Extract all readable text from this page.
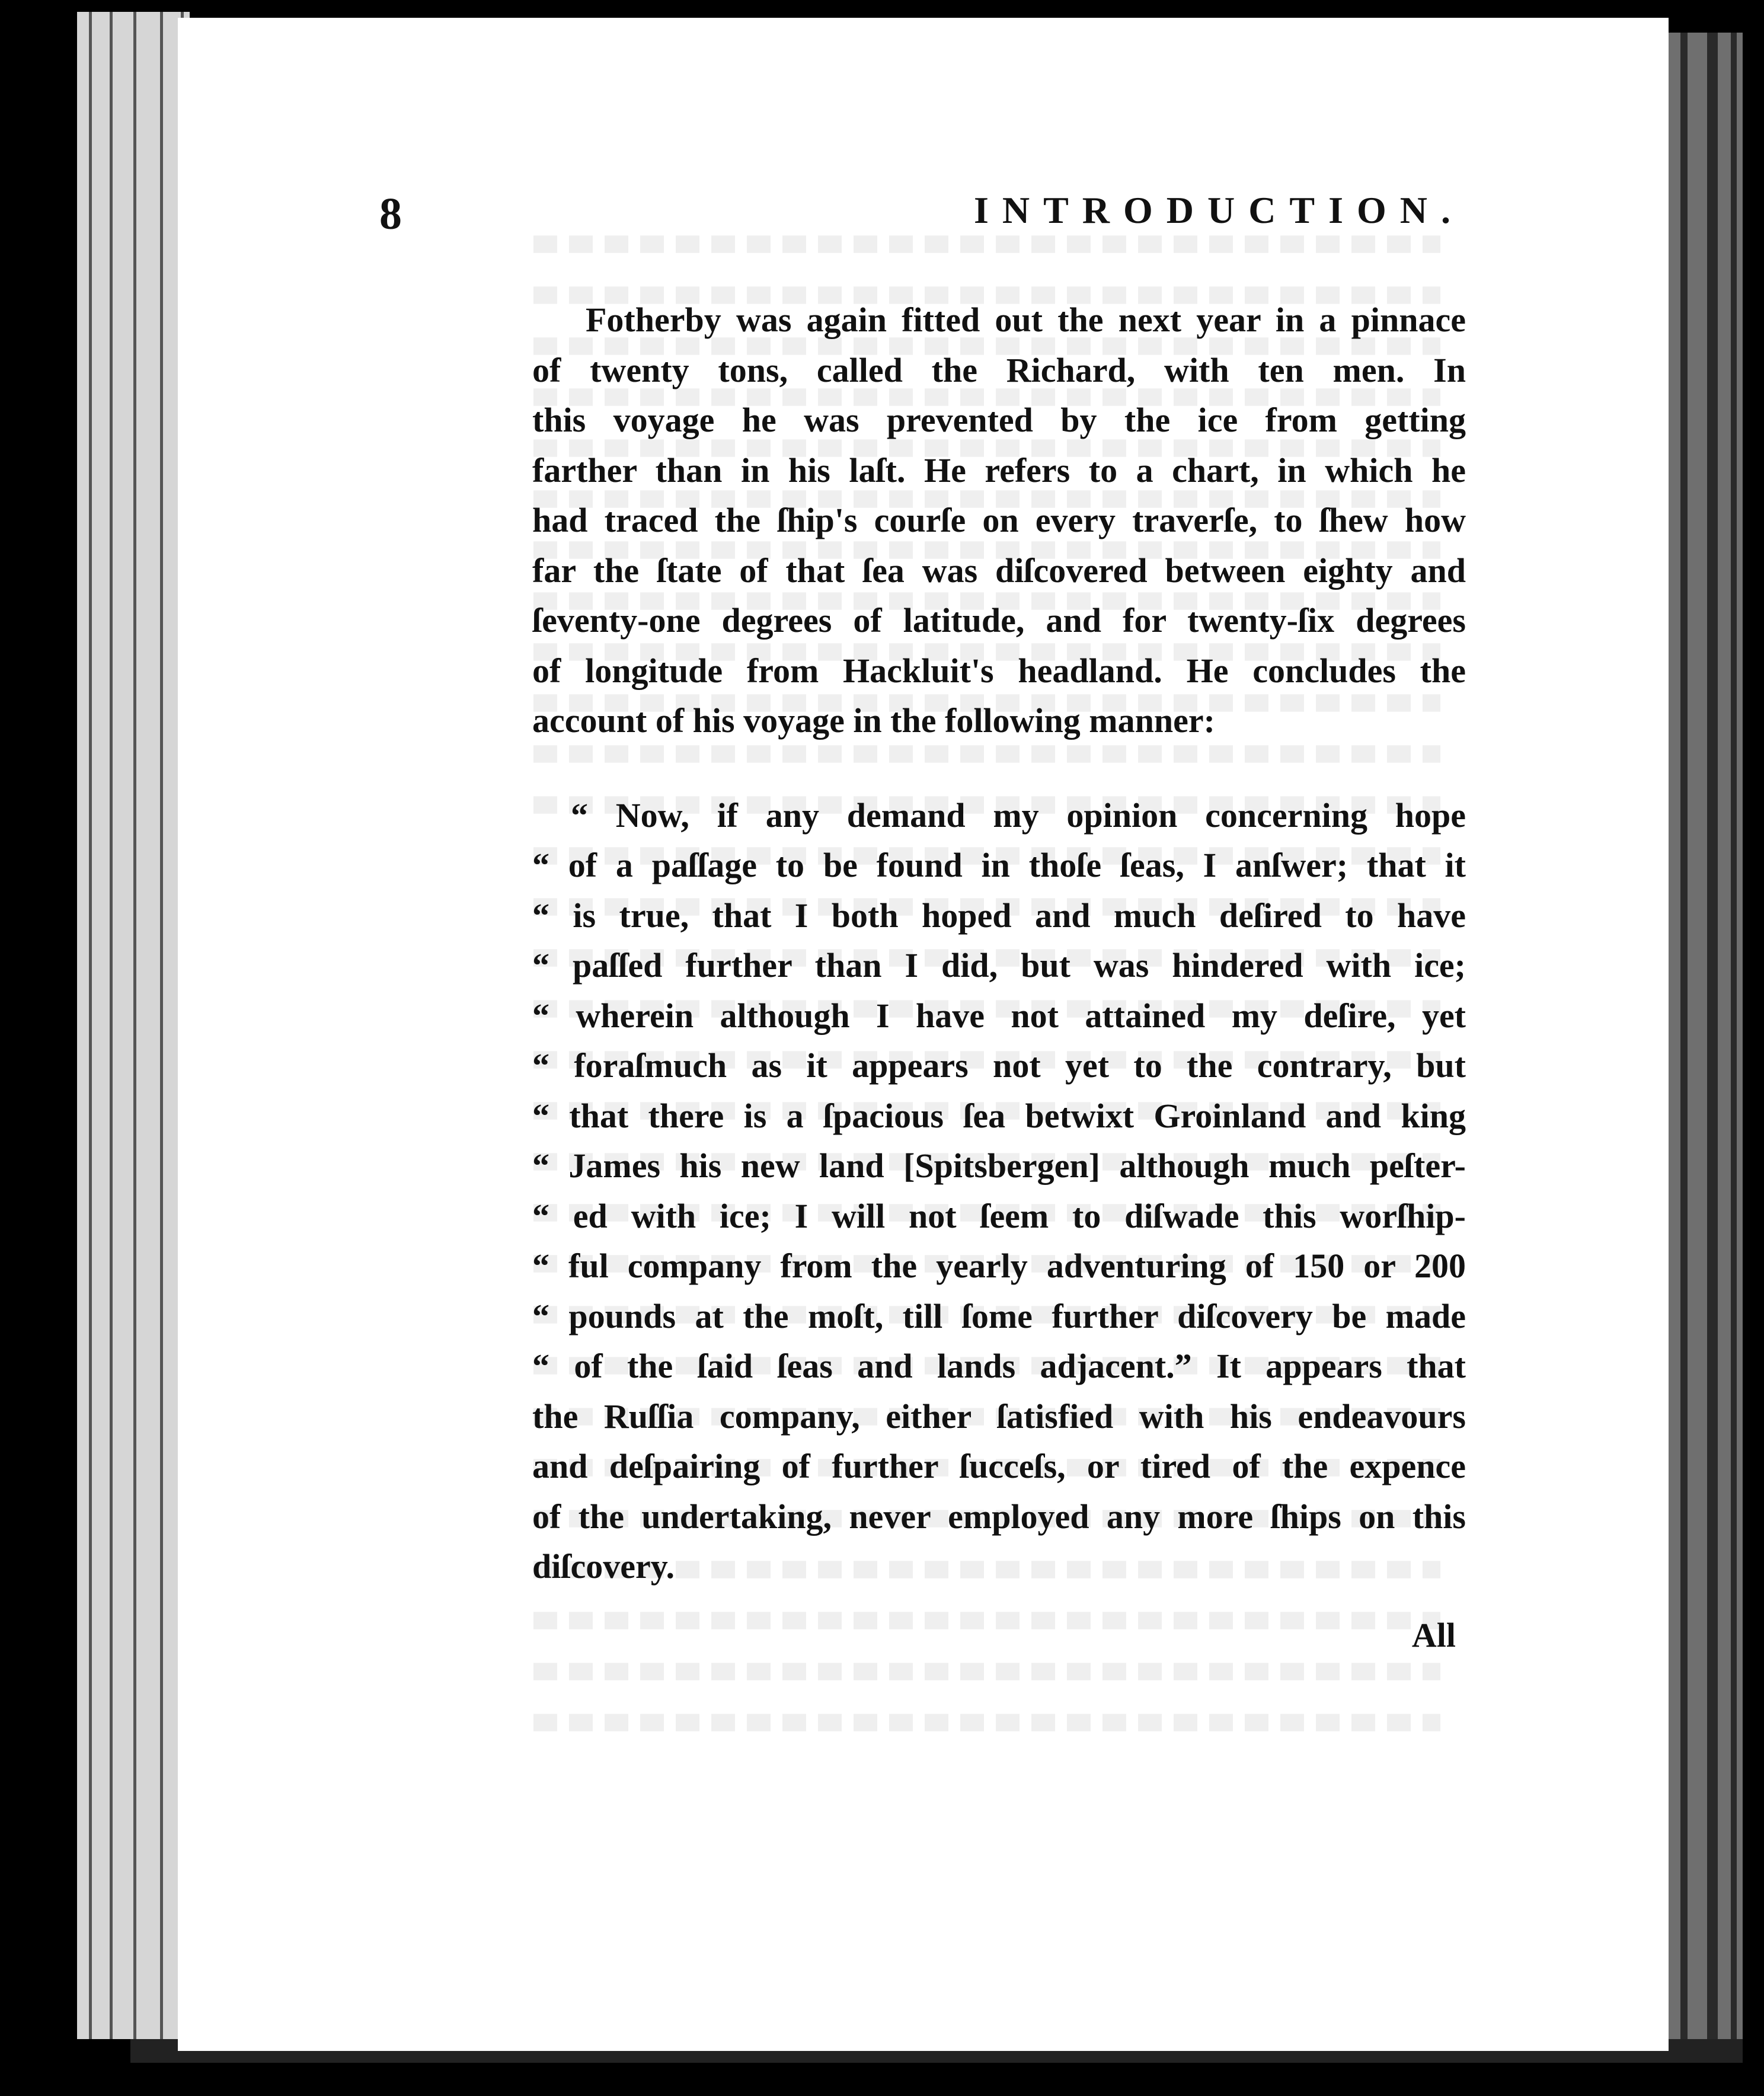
8	INTRODUCTION.
Fotherby was again fitted out the next year in a pinnace
of twenty tons, called the Richard, with ten men. In
this voyage he was prevented by the ice from getting
farther than in his laſt. He refers to a chart, in which he
had traced the ſhip's courſe on every traverſe, to ſhew how
far the ſtate of that ſea was diſcovered between eighty and
ſeventy-one degrees of latitude, and for twenty-ſix degrees
of longitude from Hackluit's headland. He concludes the
account of his voyage in the following manner:
“ Now, if any demand my opinion concerning hope
“ of a paſſage to be found in thoſe ſeas, I anſwer; that it
“ is true, that I both hoped and much deſired to have
“ paſſed further than I did, but was hindered with ice;
“ wherein although I have not attained my deſire, yet
“ foraſmuch as it appears not yet to the contrary, but
“ that there is a ſpacious ſea betwixt Groinland and king
“ James his new land [Spitsbergen] although much peſter-
“ ed with ice; I will not ſeem to diſwade this worſhip-
“ ful company from the yearly adventuring of 150 or 200
“ pounds at the moſt, till ſome further diſcovery be made
“ of the ſaid ſeas and lands adjacent.” It appears that
the Ruſſia company, either ſatisfied with his endeavours
and deſpairing of further ſucceſs, or tired of the expence
of the undertaking, never employed any more ſhips on this
diſcovery.
All
